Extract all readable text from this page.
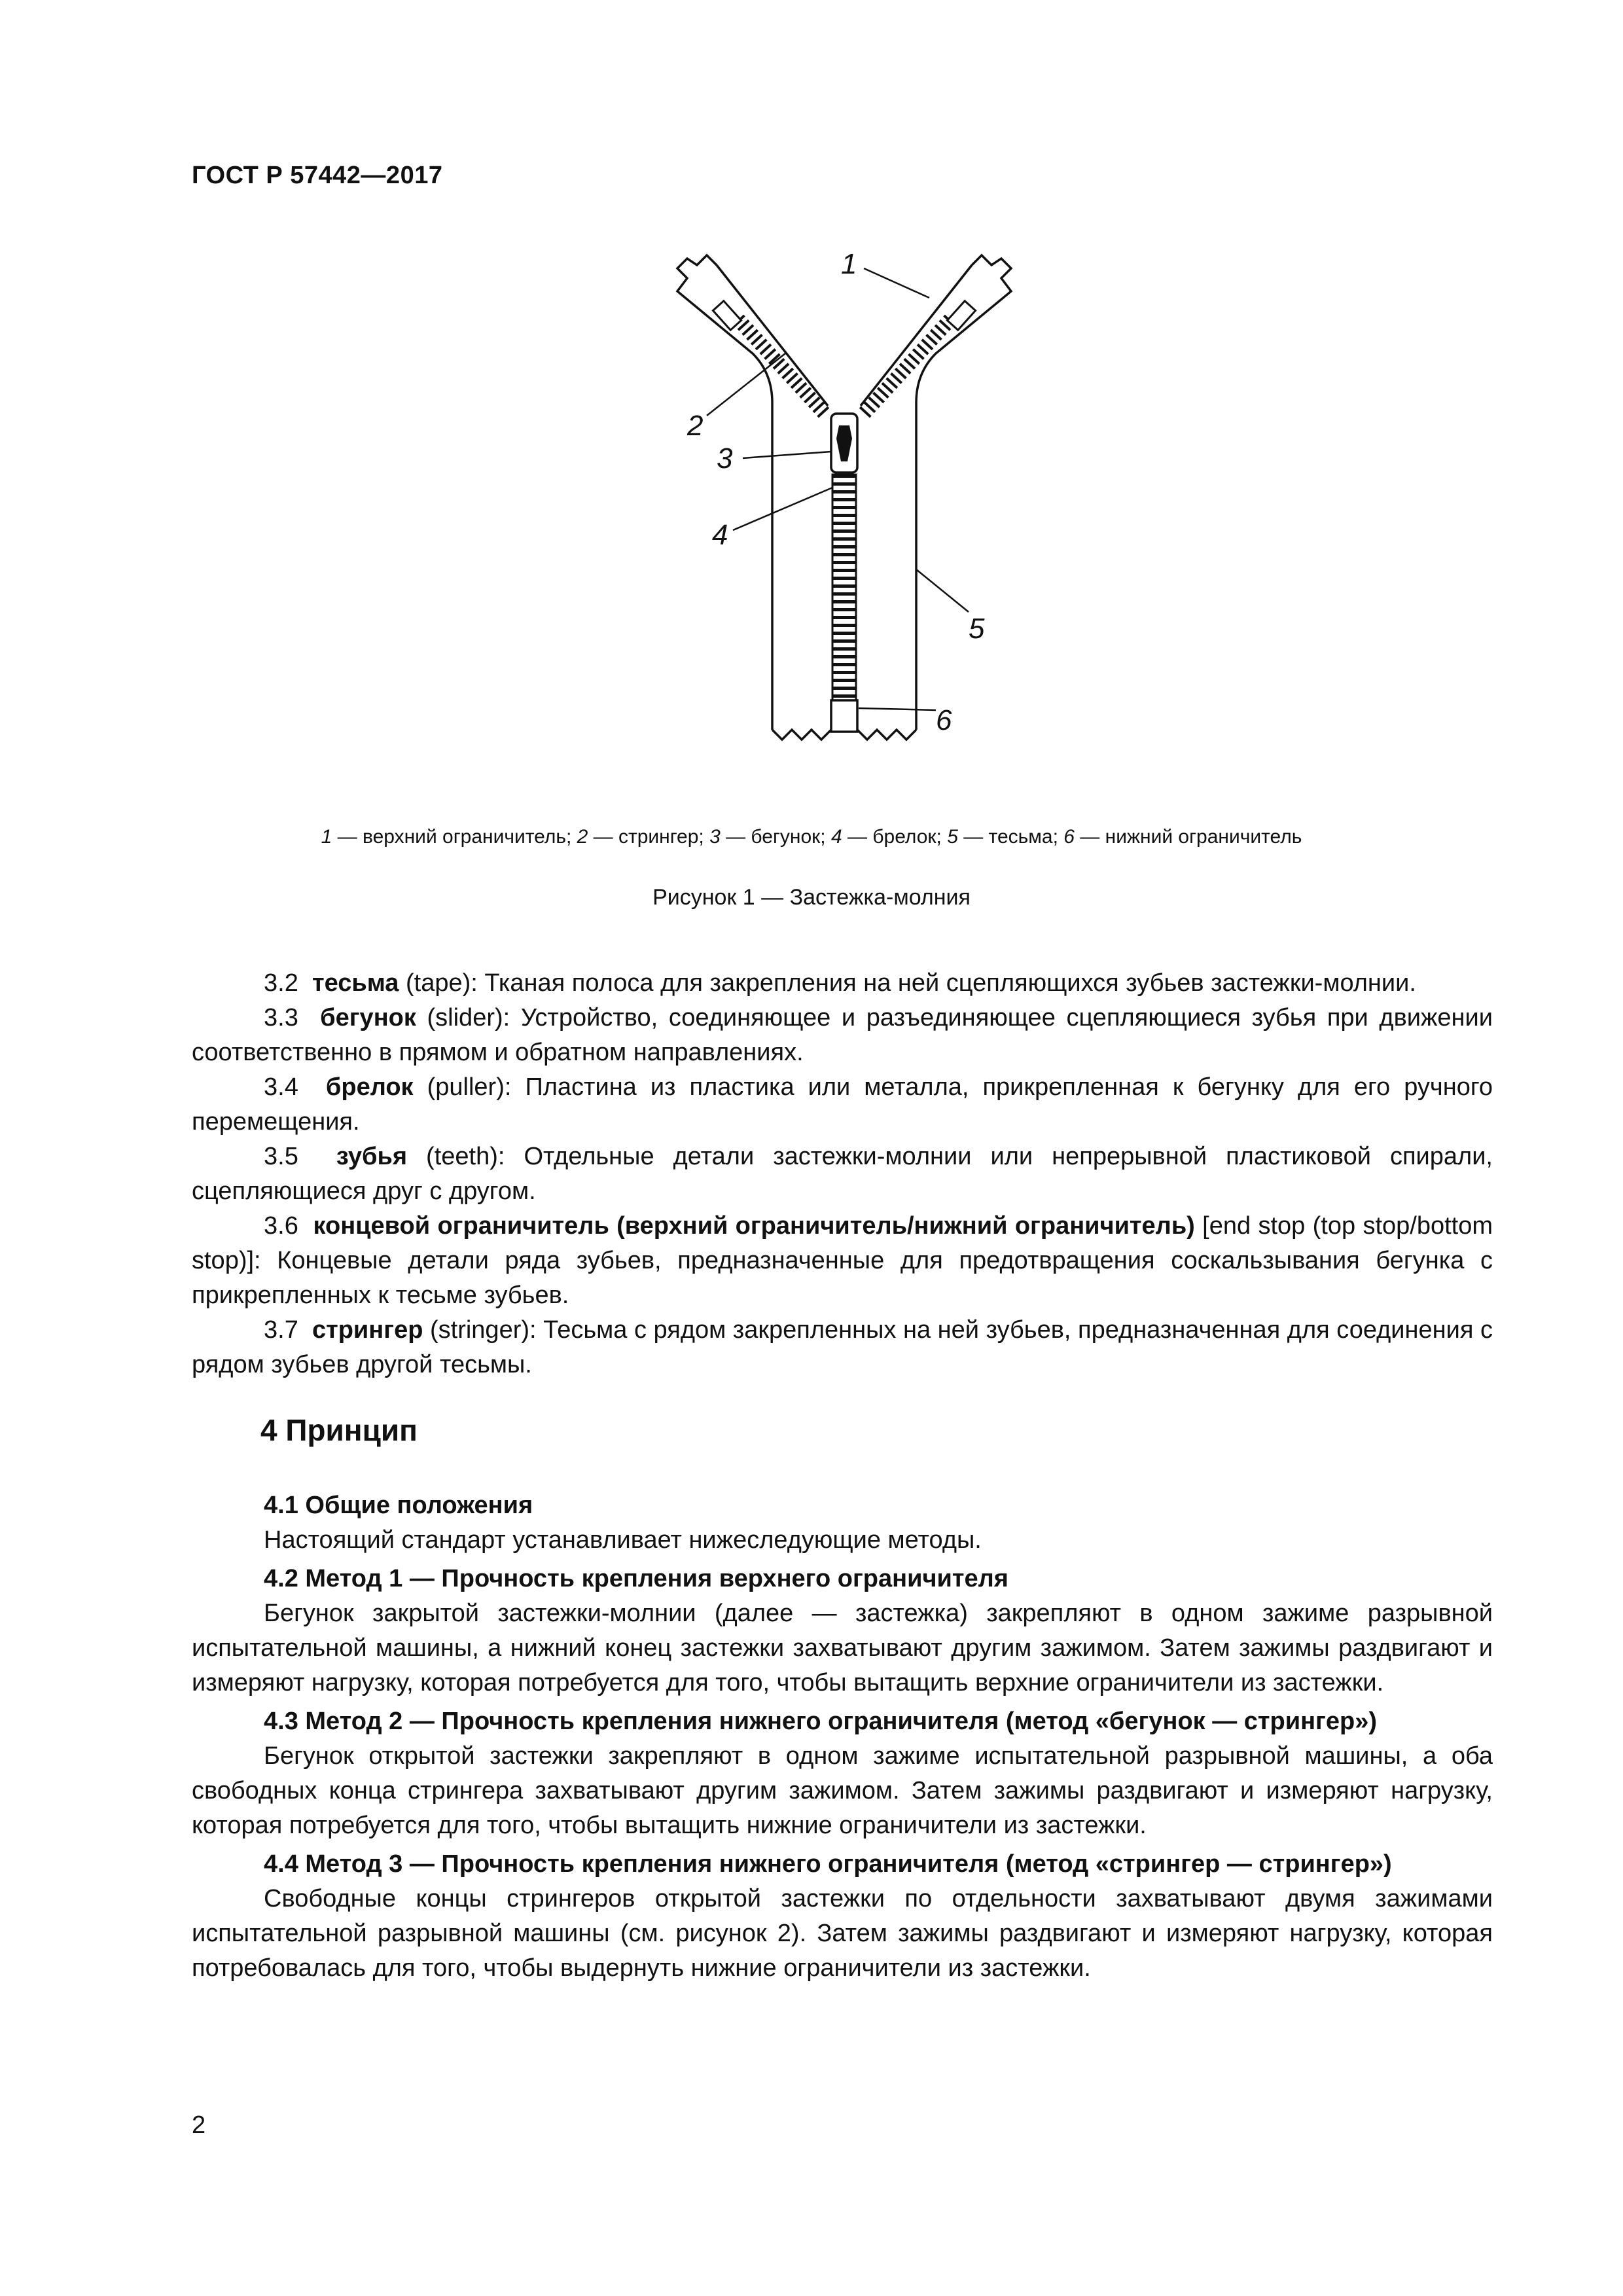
ГОСТ Р 57442—2017
1
2
3
4
5
6
1 — верхний ограничитель; 2 — стрингер; 3 — бегунок; 4 — брелок; 5 — тесьма; 6 — нижний ограничитель
Рисунок 1 — Застежка-молния

3.2 тесьма (tape): Тканая полоса для закрепления на ней сцепляющихся зубьев застежки-молнии.

3.3 бегунок (slider): Устройство, соединяющее и разъединяющее сцепляющиеся зубья при движении соответственно в прямом и обратном направлениях.

3.4 брелок (puller): Пластина из пластика или металла, прикрепленная к бегунку для его ручного перемещения.

3.5 зубья (teeth): Отдельные детали застежки-молнии или непрерывной пластиковой спирали, сцепляющиеся друг с другом.

3.6 концевой ограничитель (верхний ограничитель/нижний ограничитель) [end stop (top stop/bottom stop)]: Концевые детали ряда зубьев, предназначенные для предотвращения соскальзывания бегунка с прикрепленных к тесьме зубьев.

3.7 стрингер (stringer): Тесьма с рядом закрепленных на ней зубьев, предназначенная для соединения с рядом зубьев другой тесьмы.

4 Принцип

4.1 Общие положения

Настоящий стандарт устанавливает нижеследующие методы.

4.2 Метод 1 — Прочность крепления верхнего ограничителя

Бегунок закрытой застежки-молнии (далее — застежка) закрепляют в одном зажиме разрывной испытательной машины, а нижний конец застежки захватывают другим зажимом. Затем зажимы раздвигают и измеряют нагрузку, которая потребуется для того, чтобы вытащить верхние ограничители из застежки.

4.3 Метод 2 — Прочность крепления нижнего ограничителя (метод «бегунок — стрингер»)

Бегунок открытой застежки закрепляют в одном зажиме испытательной разрывной машины, а оба свободных конца стрингера захватывают другим зажимом. Затем зажимы раздвигают и измеряют нагрузку, которая потребуется для того, чтобы вытащить нижние ограничители из застежки.

4.4 Метод 3 — Прочность крепления нижнего ограничителя (метод «стрингер — стрингер»)

Свободные концы стрингеров открытой застежки по отдельности захватывают двумя зажимами испытательной разрывной машины (см. рисунок 2). Затем зажимы раздвигают и измеряют нагрузку, которая потребовалась для того, чтобы выдернуть нижние ограничители из застежки.

2
